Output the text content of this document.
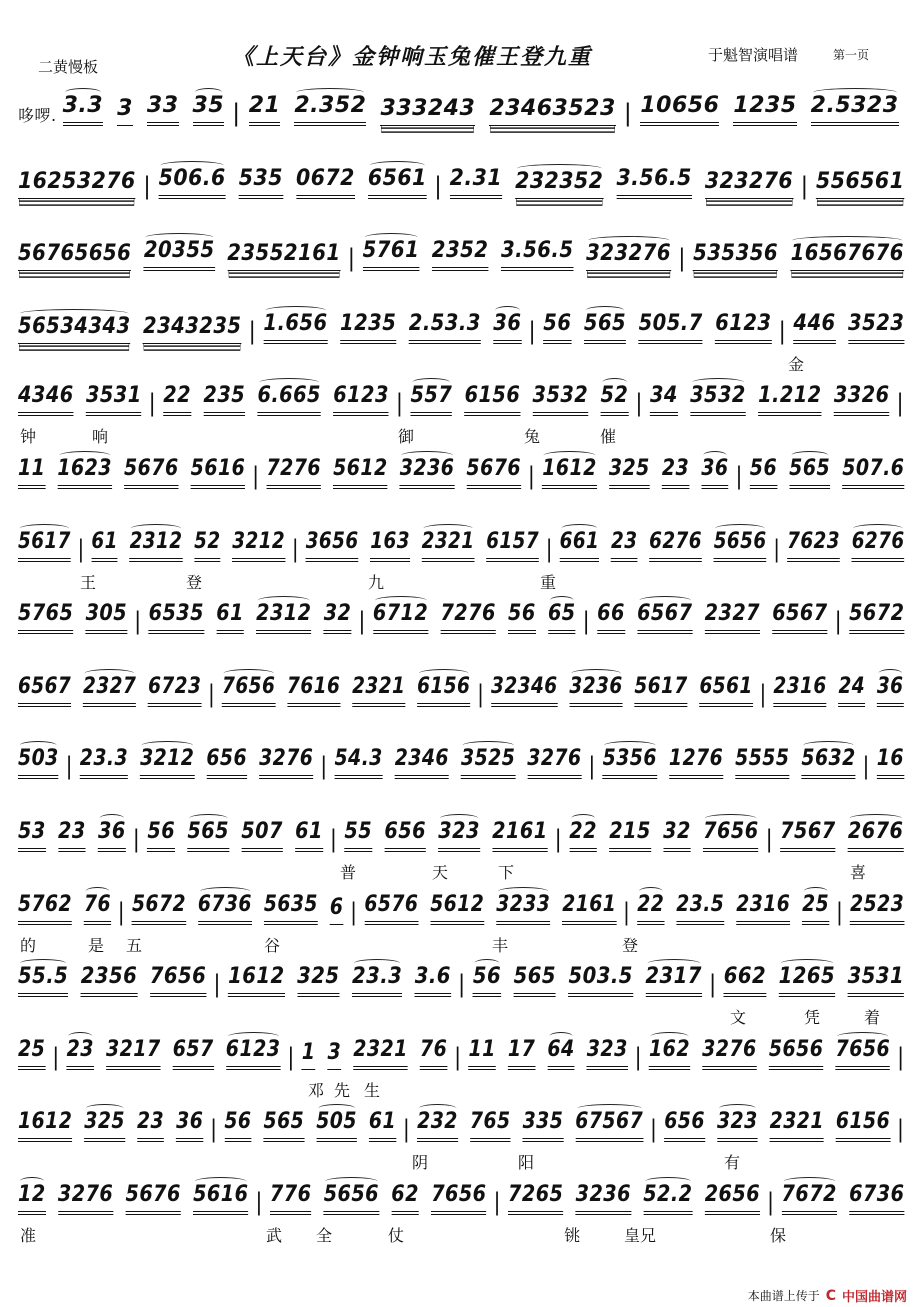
二黄慢板	《上天台》金钟响玉兔催王登九重	于魁智演唱谱	第一页
哆啰. 3.3 3 33 35 | 21 2.352 333243 23463523 | 10656 1235 2.5323
16253276 | 506.6 535 0672 6561 | 2.31 232352 3.56.5 323276 | 556561
56765656 20355 23552161 | 5761 2352 3.56.5 323276 | 535356 16567676
56534343 2343235 | 1.656 1235 2.53.3 36 | 56 565 505.7 6123 | 446 3523
金
4346 3531 | 22 235 6.665 6123 | 557 6156 3532 52 | 34 3532 1.212 3326 |
钟	响	御	兔	催
11 1623 5676 5616 | 7276 5612 3236 5676 | 1612 325 23 36 | 56 565 507.6
5617 | 61 2312 52 3212 | 3656 163 2321 6157 | 661 23 6276 5656 | 7623 6276
王	登	九	重
5765 305 | 6535 61 2312 32 | 6712 7276 56 65 | 66 6567 2327 6567 | 5672
6567 2327 6723 | 7656 7616 2321 6156 | 32346 3236 5617 6561 | 2316 24 36
503 | 23.3 3212 656 3276 | 54.3 2346 3525 3276 | 5356 1276 5555 5632 | 16
53 23 36 | 56 565 507 61 | 55 656 323 2161 | 22 215 32 7656 | 7567 2676
普	天	下	喜
5762 76 | 5672 6736 5635 6 | 6576 5612 3233 2161 | 22 23.5 2316 25 | 2523
的	是 五	谷	丰	登
55.5 2356 7656 | 1612 325 23.3 3.6 | 56 565 503.5 2317 | 662 1265 3531
文	凭	着
25 | 23 3217 657 6123 | 1 3 2321 76 | 11 17 64 323 | 162 3276 5656 7656 |
邓 先 生
1612 325 23 36 | 56 565 505 61 | 232 765 335 67567 | 656 323 2321 6156 |
阴	阳	有
12 3276 5676 5616 | 776 5656 62 7656 | 7265 3236 52.2 2656 | 7672 6736
准	武 全	仗	铫	皇兄	保
本曲谱上传于 C 中国曲谱网
